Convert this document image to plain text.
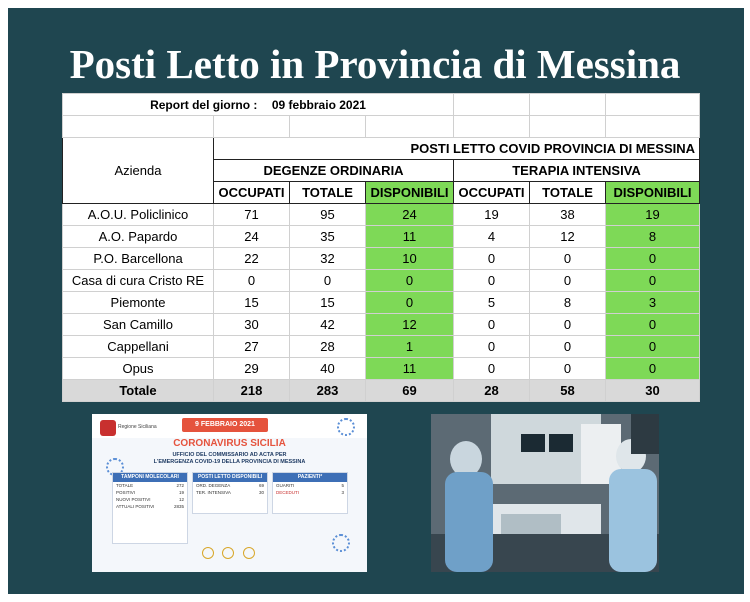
Posti Letto in Provincia di Messina
Report del giorno : 09 febbraio 2021						

Azienda	POSTI LETTO COVID PROVINCIA DI MESSINA					
	DEGENZE ORDINARIA			TERAPIA INTENSIVA		
	OCCUPATI	TOTALE	DISPONIBILI	OCCUPATI	TOTALE	DISPONIBILI
A.O.U. Policlinico	71	95	24	19	38	19
A.O. Papardo	24	35	11	4	12	8
P.O. Barcellona	22	32	10	0	0	0
Casa di cura Cristo RE	0	0	0	0	0	0
Piemonte	15	15	0	5	8	3
San Camillo	30	42	12	0	0	0
Cappellani	27	28	1	0	0	0
Opus	29	40	11	0	0	0
Totale	218	283	69	28	58	30
Regione Siciliana	9 FEBBRAIO 2021
CORONAVIRUS SICILIA
UFFICIO DEL COMMISSARIO AD ACTA PER
L'EMERGENZA COVID-19 DELLA PROVINCIA DI MESSINA
TAMPONI MOLECOLARI
TOTALE	272
POSITIVI	19
NUOVI POSITIVI	12
ATTUALI POSITIVI	2835
POSTI LETTO DISPONIBILI
ORD. DEGENZA	69
TER. INTENSIVA	30
PAZIENTI*
GUARITI	5
DECEDUTI	3
